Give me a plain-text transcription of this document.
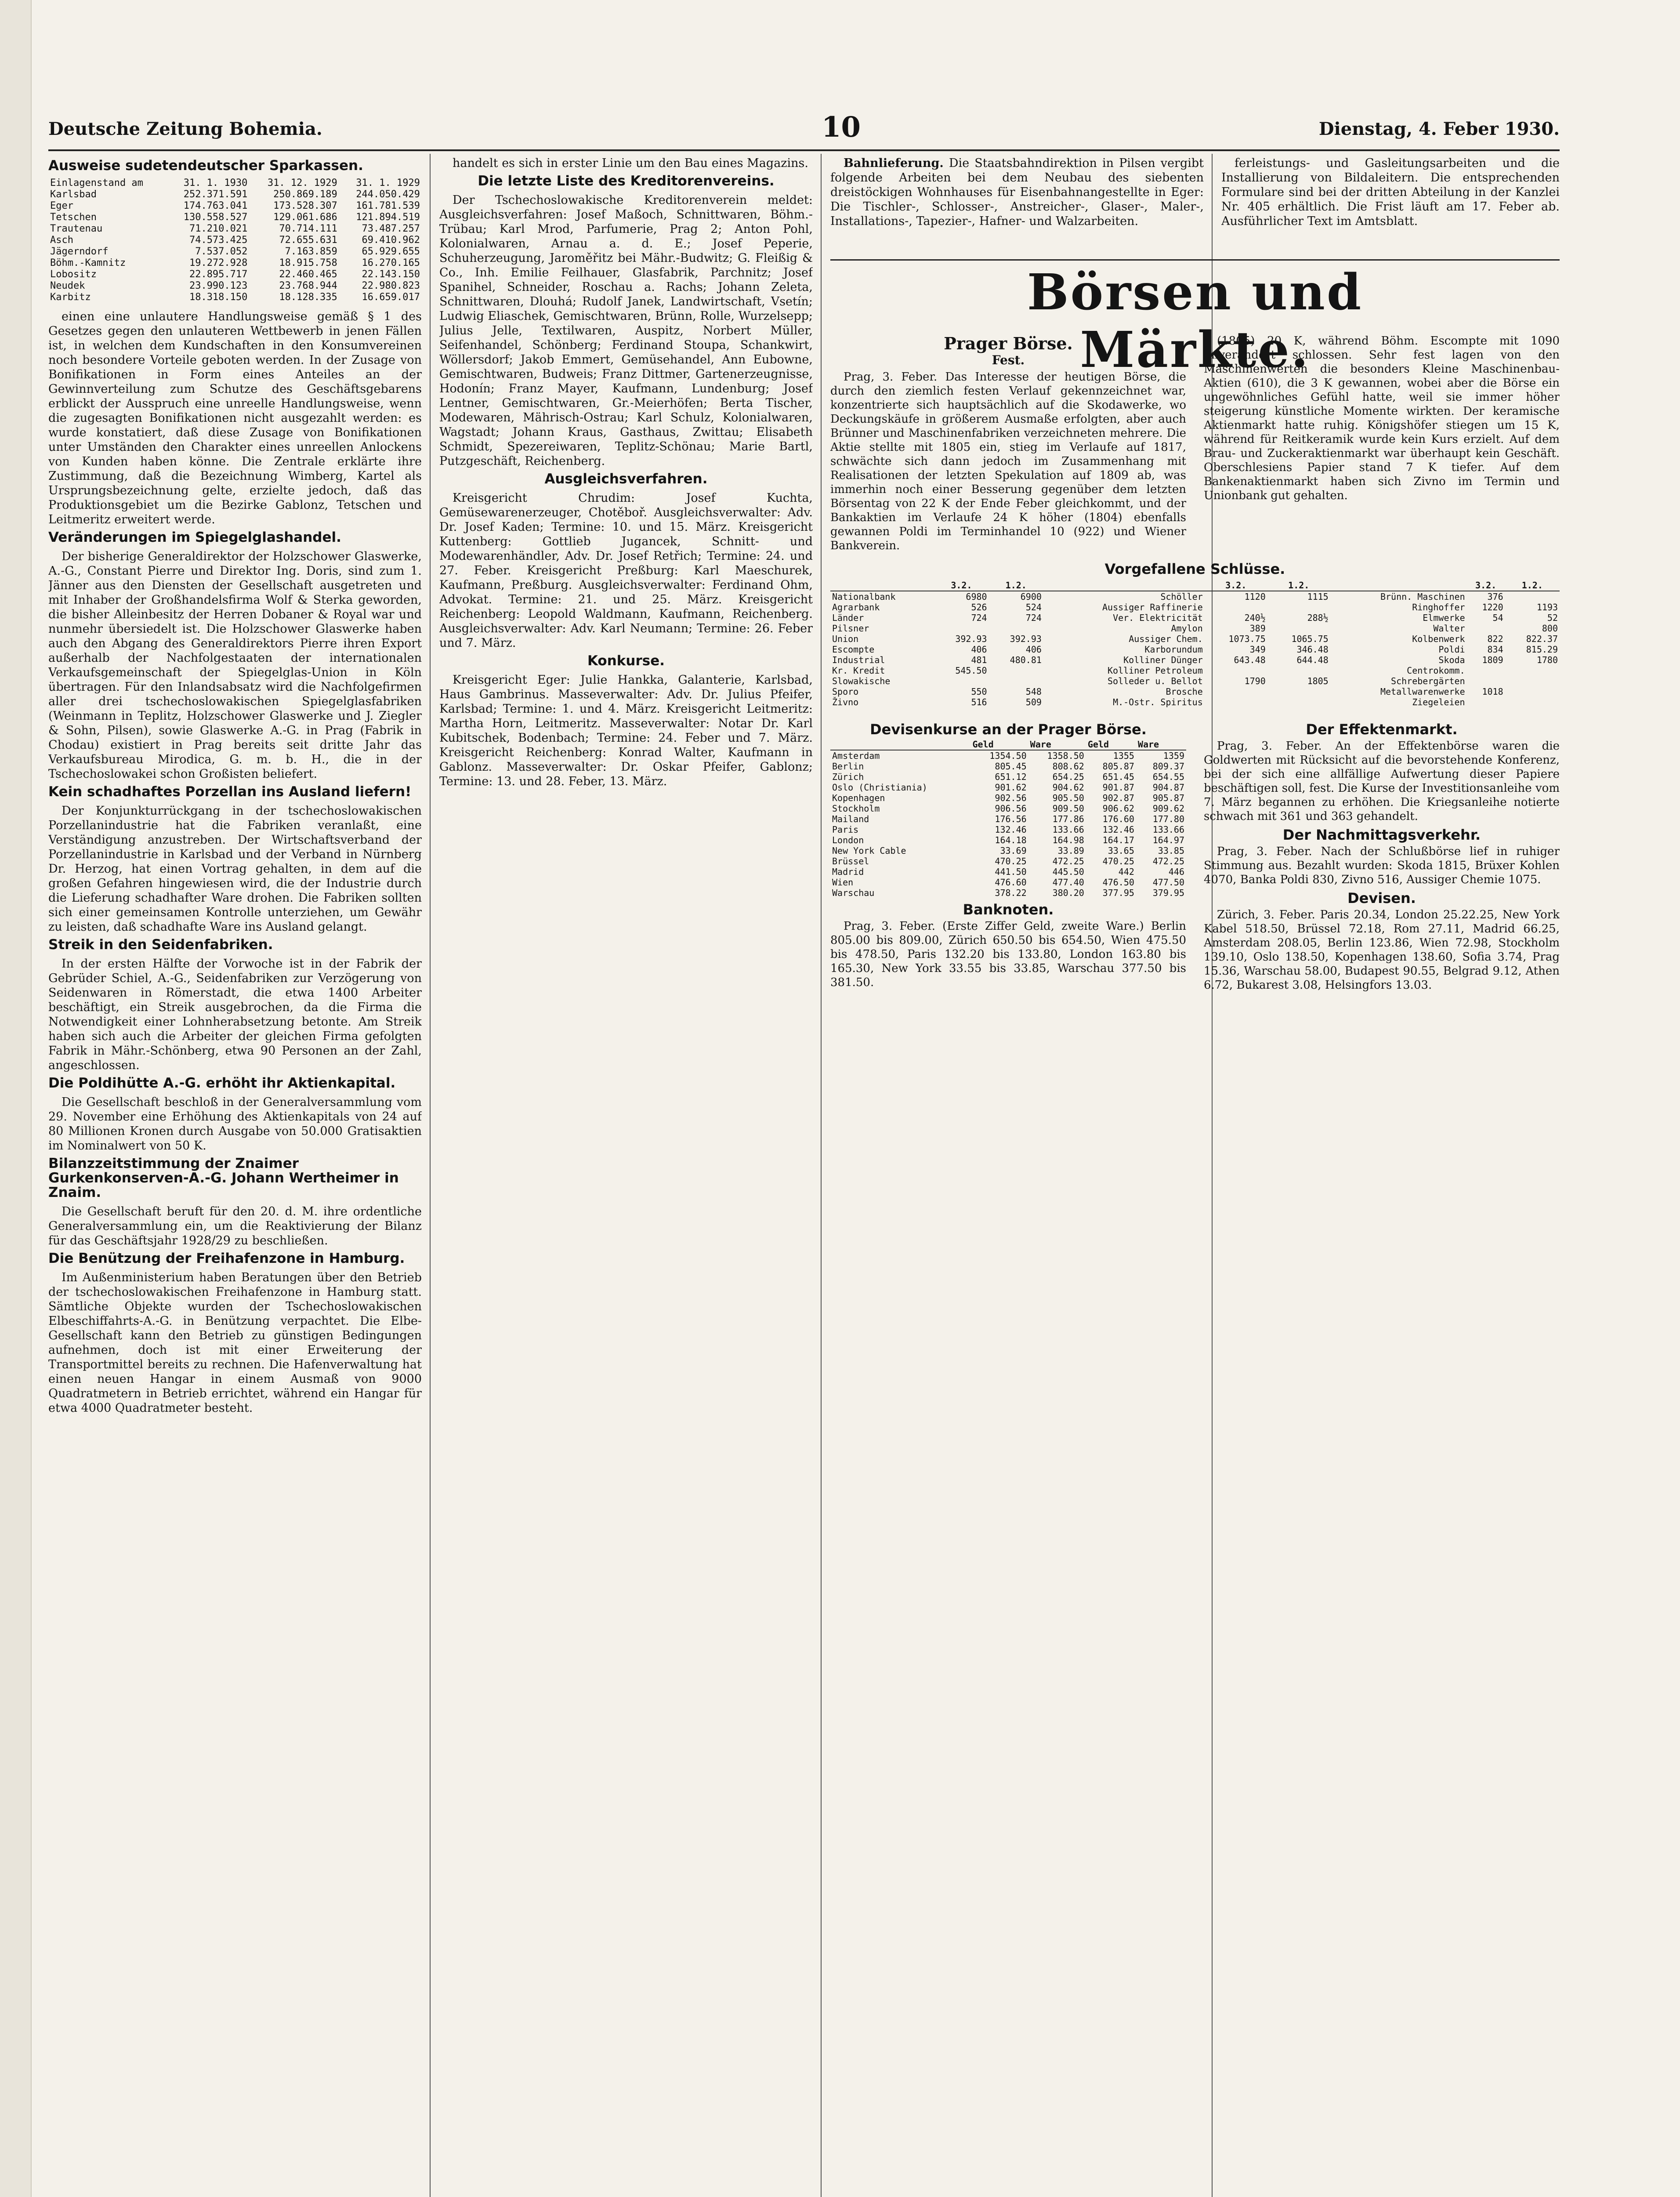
Deutsche Zeitung Bohemia.	10	Dienstag, 4. Feber 1930.
Ausweise sudetendeutscher Sparkassen.
Einlagenstand am	31. 1. 1930	31. 12. 1929	31. 1. 1929
Karlsbad	252.371.591	250.869.189	244.050.429
Eger	174.763.041	173.528.307	161.781.539
Tetschen	130.558.527	129.061.686	121.894.519
Trautenau	71.210.021	70.714.111	73.487.257
Asch	74.573.425	72.655.631	69.410.962
Jägerndorf	7.537.052	7.163.859	65.929.655
Böhm.-Kamnitz	19.272.928	18.915.758	16.270.165
Lobositz	22.895.717	22.460.465	22.143.150
Neudek	23.990.123	23.768.944	22.980.823
Karbitz	18.318.150	18.128.335	16.659.017

einen eine unlautere Handlungsweise gemäß § 1 des Gesetzes gegen den unlauteren Wettbewerb in jenen Fällen ist, in welchen dem Kundschaften in den Konsumvereinen noch besondere Vorteile geboten werden. In der Zusage von Bonifikationen in Form eines Anteiles an der Gewinnverteilung zum Schutze des Geschäftsgebarens erblickt der Ausspruch eine unreelle Handlungsweise, wenn die zugesagten Bonifikationen nicht ausgezahlt werden: es wurde konstatiert, daß diese Zusage von Bonifikationen unter Umständen den Charakter eines unreellen Anlockens von Kunden haben könne. Die Zentrale erklärte ihre Zustimmung, daß die Bezeichnung Wimberg, Kartel als Ursprungsbezeichnung gelte, erzielte jedoch, daß das Produktionsgebiet um die Bezirke Gablonz, Tetschen und Leitmeritz erweitert werde.

Veränderungen im Spiegelglashandel.

Der bisherige Generaldirektor der Holzschower Glaswerke, A.-G., Constant Pierre und Direktor Ing. Doris, sind zum 1. Jänner aus den Diensten der Gesellschaft ausgetreten und mit Inhaber der Großhandelsfirma Wolf & Sterka geworden, die bisher Alleinbesitz der Herren Dobaner & Royal war und nunmehr übersiedelt ist. Die Holzschower Glaswerke haben auch den Abgang des Generaldirektors Pierre ihren Export außerhalb der Nachfolgestaaten der internationalen Verkaufsgemeinschaft der Spiegelglas-Union in Köln übertragen. Für den Inlandsabsatz wird die Nachfolgefirmen aller drei tschechoslowakischen Spiegelglasfabriken (Weinmann in Teplitz, Holzschower Glaswerke und J. Ziegler & Sohn, Pilsen), sowie Glaswerke A.-G. in Prag (Fabrik in Chodau) existiert in Prag bereits seit dritte Jahr das Verkaufsbureau Mirodica, G. m. b. H., die in der Tschechoslowakei schon Großisten beliefert.

Kein schadhaftes Porzellan ins Ausland liefern!

Der Konjunkturrückgang in der tschechoslowakischen Porzellanindustrie hat die Fabriken veranlaßt, eine Verständigung anzustreben. Der Wirtschaftsverband der Porzellanindustrie in Karlsbad und der Verband in Nürnberg Dr. Herzog, hat einen Vortrag gehalten, in dem auf die großen Gefahren hingewiesen wird, die der Industrie durch die Lieferung schadhafter Ware drohen. Die Fabriken sollten sich einer gemeinsamen Kontrolle unterziehen, um Gewähr zu leisten, daß schadhafte Ware ins Ausland gelangt.

Streik in den Seidenfabriken.

In der ersten Hälfte der Vorwoche ist in der Fabrik der Gebrüder Schiel, A.-G., Seidenfabriken zur Verzögerung von Seidenwaren in Römerstadt, die etwa 1400 Arbeiter beschäftigt, ein Streik ausgebrochen, da die Firma die Notwendigkeit einer Lohnherabsetzung betonte. Am Streik haben sich auch die Arbeiter der gleichen Firma gefolgten Fabrik in Mähr.-Schönberg, etwa 90 Personen an der Zahl, angeschlossen.

Die Poldihütte A.-G. erhöht ihr Aktienkapital.

Die Gesellschaft beschloß in der Generalversammlung vom 29. November eine Erhöhung des Aktienkapitals von 24 auf 80 Millionen Kronen durch Ausgabe von 50.000 Gratisaktien im Nominalwert von 50 K.

Bilanzzeitstimmung der Znaimer Gurkenkonserven-A.-G. Johann Wertheimer in Znaim.

Die Gesellschaft beruft für den 20. d. M. ihre ordentliche Generalversammlung ein, um die Reaktivierung der Bilanz für das Geschäftsjahr 1928/29 zu beschließen.

Die Benützung der Freihafenzone in Hamburg.

Im Außenministerium haben Beratungen über den Betrieb der tschechoslowakischen Freihafenzone in Hamburg statt. Sämtliche Objekte wurden der Tschechoslowakischen Elbeschiffahrts-A.-G. in Benützung verpachtet. Die Elbe-Gesellschaft kann den Betrieb zu günstigen Bedingungen aufnehmen, doch ist mit einer Erweiterung der Transportmittel bereits zu rechnen. Die Hafenverwaltung hat einen neuen Hangar in einem Ausmaß von 9000 Quadratmetern in Betrieb errichtet, während ein Hangar für etwa 4000 Quadratmeter besteht.

handelt es sich in erster Linie um den Bau eines Magazins.

Die letzte Liste des Kreditorenvereins.

Der Tschechoslowakische Kreditorenverein meldet: Ausgleichsverfahren: Josef Maßoch, Schnittwaren, Böhm.-Trübau; Karl Mrod, Parfumerie, Prag 2; Anton Pohl, Kolonialwaren, Arnau a. d. E.; Josef Peperie, Schuherzeugung, Jaroměřitz bei Mähr.-Budwitz; G. Fleißig & Co., Inh. Emilie Feilhauer, Glasfabrik, Parchnitz; Josef Spanihel, Schneider, Roschau a. Rachs; Johann Zeleta, Schnittwaren, Dlouhá; Rudolf Janek, Landwirtschaft, Vsetín; Ludwig Eliaschek, Gemischtwaren, Brünn, Rolle, Wurzelsepp; Julius Jelle, Textilwaren, Auspitz, Norbert Müller, Seifenhandel, Schönberg; Ferdinand Stoupa, Schankwirt, Wöllersdorf; Jakob Emmert, Gemüsehandel, Ann Eubowne, Gemischtwaren, Budweis; Franz Dittmer, Gartenerzeugnisse, Hodonín; Franz Mayer, Kaufmann, Lundenburg; Josef Lentner, Gemischtwaren, Gr.-Meierhöfen; Berta Tischer, Modewaren, Mährisch-Ostrau; Karl Schulz, Kolonialwaren, Wagstadt; Johann Kraus, Gasthaus, Zwittau; Elisabeth Schmidt, Spezereiwaren, Teplitz-Schönau; Marie Bartl, Putzgeschäft, Reichenberg.

Ausgleichsverfahren.

Kreisgericht Chrudim: Josef Kuchta, Gemüsewarenerzeuger, Chotěboř. Ausgleichsverwalter: Adv. Dr. Josef Kaden; Termine: 10. und 15. März. Kreisgericht Kuttenberg: Gottlieb Jugancek, Schnitt- und Modewarenhändler, Adv. Dr. Josef Retřich; Termine: 24. und 27. Feber. Kreisgericht Preßburg: Karl Maeschurek, Kaufmann, Preßburg. Ausgleichsverwalter: Ferdinand Ohm, Advokat. Termine: 21. und 25. März. Kreisgericht Reichenberg: Leopold Waldmann, Kaufmann, Reichenberg. Ausgleichsverwalter: Adv. Karl Neumann; Termine: 26. Feber und 7. März.

Konkurse.

Kreisgericht Eger: Julie Hankka, Galanterie, Karlsbad, Haus Gambrinus. Masseverwalter: Adv. Dr. Julius Pfeifer, Karlsbad; Termine: 1. und 4. März. Kreisgericht Leitmeritz: Martha Horn, Leitmeritz. Masseverwalter: Notar Dr. Karl Kubitschek, Bodenbach; Termine: 24. Feber und 7. März. Kreisgericht Reichenberg: Konrad Walter, Kaufmann in Gablonz. Masseverwalter: Dr. Oskar Pfeifer, Gablonz; Termine: 13. und 28. Feber, 13. März.

Bahnlieferung. Die Staatsbahndirektion in Pilsen vergibt folgende Arbeiten bei dem Neubau des siebenten dreistöckigen Wohnhauses für Eisenbahnangestellte in Eger: Die Tischler-, Schlosser-, Anstreicher-, Glaser-, Maler-, Installations-, Tapezier-, Hafner- und Walzarbeiten.

ferleistungs- und Gasleitungsarbeiten und die Installierung von Bildaleitern. Die entsprechenden Formulare sind bei der dritten Abteilung in der Kanzlei Nr. 405 erhältlich. Die Frist läuft am 17. Feber ab. Ausführlicher Text im Amtsblatt.

Börsen und Märkte.
Prager Börse.
Fest.

Prag, 3. Feber. Das Interesse der heutigen Börse, die durch den ziemlich festen Verlauf gekennzeichnet war, konzentrierte sich hauptsächlich auf die Skodawerke, wo Deckungskäufe in größerem Ausmaße erfolgten, aber auch Brünner und Maschinenfabriken verzeichneten mehrere. Die Aktie stellte mit 1805 ein, stieg im Verlaufe auf 1817, schwächte sich dann jedoch im Zusammenhang mit Realisationen der letzten Spekulation auf 1809 ab, was immerhin noch einer Besserung gegenüber dem letzten Börsentag von 22 K der Ende Feber gleichkommt, und der Bankaktien im Verlaufe 24 K höher (1804) ebenfalls gewannen Poldi im Terminhandel 10 (922) und Wiener Bankverein.

(1805) 20 K, während Böhm. Escompte mit 1090 unverändert schlossen. Sehr fest lagen von den Maschinenwerten die besonders Kleine Maschinenbau-Aktien (610), die 3 K gewannen, wobei aber die Börse ein ungewöhnliches Gefühl hatte, weil sie immer höher steigerung künstliche Momente wirkten. Der keramische Aktienmarkt hatte ruhig. Königshöfer stiegen um 15 K, während für Reitkeramik wurde kein Kurs erzielt. Auf dem Brau- und Zuckeraktienmarkt war überhaupt kein Geschäft. Oberschlesiens Papier stand 7 K tiefer. Auf dem Bankenaktienmarkt haben sich Zivno im Termin und Unionbank gut gehalten.

Vorgefallene Schlüsse.
	3.2.	1.2.		3.2.	1.2.		3.2.	1.2.
Nationalbank	6980	6900	Schöller	1120	1115	Brünn. Maschinen	376	
Agrarbank	526	524	Aussiger Raffinerie			Ringhoffer	1220	1193
Länder	724	724	Ver. Elektricität	240½	288½	Elmwerke	54	52
Pilsner			Amylon	389		Walter		800
Union	392.93	392.93	Aussiger Chem.	1073.75	1065.75	Kolbenwerk	822	822.37
Escompte	406	406	Karborundum	349	346.48	Poldi	834	815.29
Industrial	481	480.81	Kolliner Dünger	643.48	644.48	Skoda	1809	1780
Kr. Kredit	545.50		Kolliner Petroleum			Centrokomm.		
Slowakische			Solleder u. Bellot	1790	1805	Schrebergärten		
Sporo	550	548	Brosche			Metallwarenwerke	1018	
Živno	516	509	M.-Ostr. Spiritus			Ziegeleien		
Devisenkurse an der Prager Börse.
	Geld	Ware	Geld	Ware
Amsterdam	1354.50	1358.50	1355	1359
Berlin	805.45	808.62	805.87	809.37
Zürich	651.12	654.25	651.45	654.55
Oslo (Christiania)	901.62	904.62	901.87	904.87
Kopenhagen	902.56	905.50	902.87	905.87
Stockholm	906.56	909.50	906.62	909.62
Mailand	176.56	177.86	176.60	177.80
Paris	132.46	133.66	132.46	133.66
London	164.18	164.98	164.17	164.97
New York Cable	33.69	33.89	33.65	33.85
Brüssel	470.25	472.25	470.25	472.25
Madrid	441.50	445.50	442	446
Wien	476.60	477.40	476.50	477.50
Warschau	378.22	380.20	377.95	379.95
Banknoten.

Prag, 3. Feber. (Erste Ziffer Geld, zweite Ware.) Berlin 805.00 bis 809.00, Zürich 650.50 bis 654.50, Wien 475.50 bis 478.50, Paris 132.20 bis 133.80, London 163.80 bis 165.30, New York 33.55 bis 33.85, Warschau 377.50 bis 381.50.

Der Effektenmarkt.

Prag, 3. Feber. An der Effektenbörse waren die Goldwerten mit Rücksicht auf die bevorstehende Konferenz, bei der sich eine allfällige Aufwertung dieser Papiere beschäftigen soll, fest. Die Kurse der Investitionsanleihe vom 7. März begannen zu erhöhen. Die Kriegsanleihe notierte schwach mit 361 und 363 gehandelt.

Der Nachmittagsverkehr.

Prag, 3. Feber. Nach der Schlußbörse lief in ruhiger Stimmung aus. Bezahlt wurden: Skoda 1815, Brüxer Kohlen 4070, Banka Poldi 830, Zivno 516, Aussiger Chemie 1075.

Devisen.

Zürich, 3. Feber. Paris 20.34, London 25.22.25, New York Kabel 518.50, Brüssel 72.18, Rom 27.11, Madrid 66.25, Amsterdam 208.05, Berlin 123.86, Wien 72.98, Stockholm 139.10, Oslo 138.50, Kopenhagen 138.60, Sofia 3.74, Prag 15.36, Warschau 58.00, Budapest 90.55, Belgrad 9.12, Athen 6.72, Bukarest 3.08, Helsingfors 13.03.
